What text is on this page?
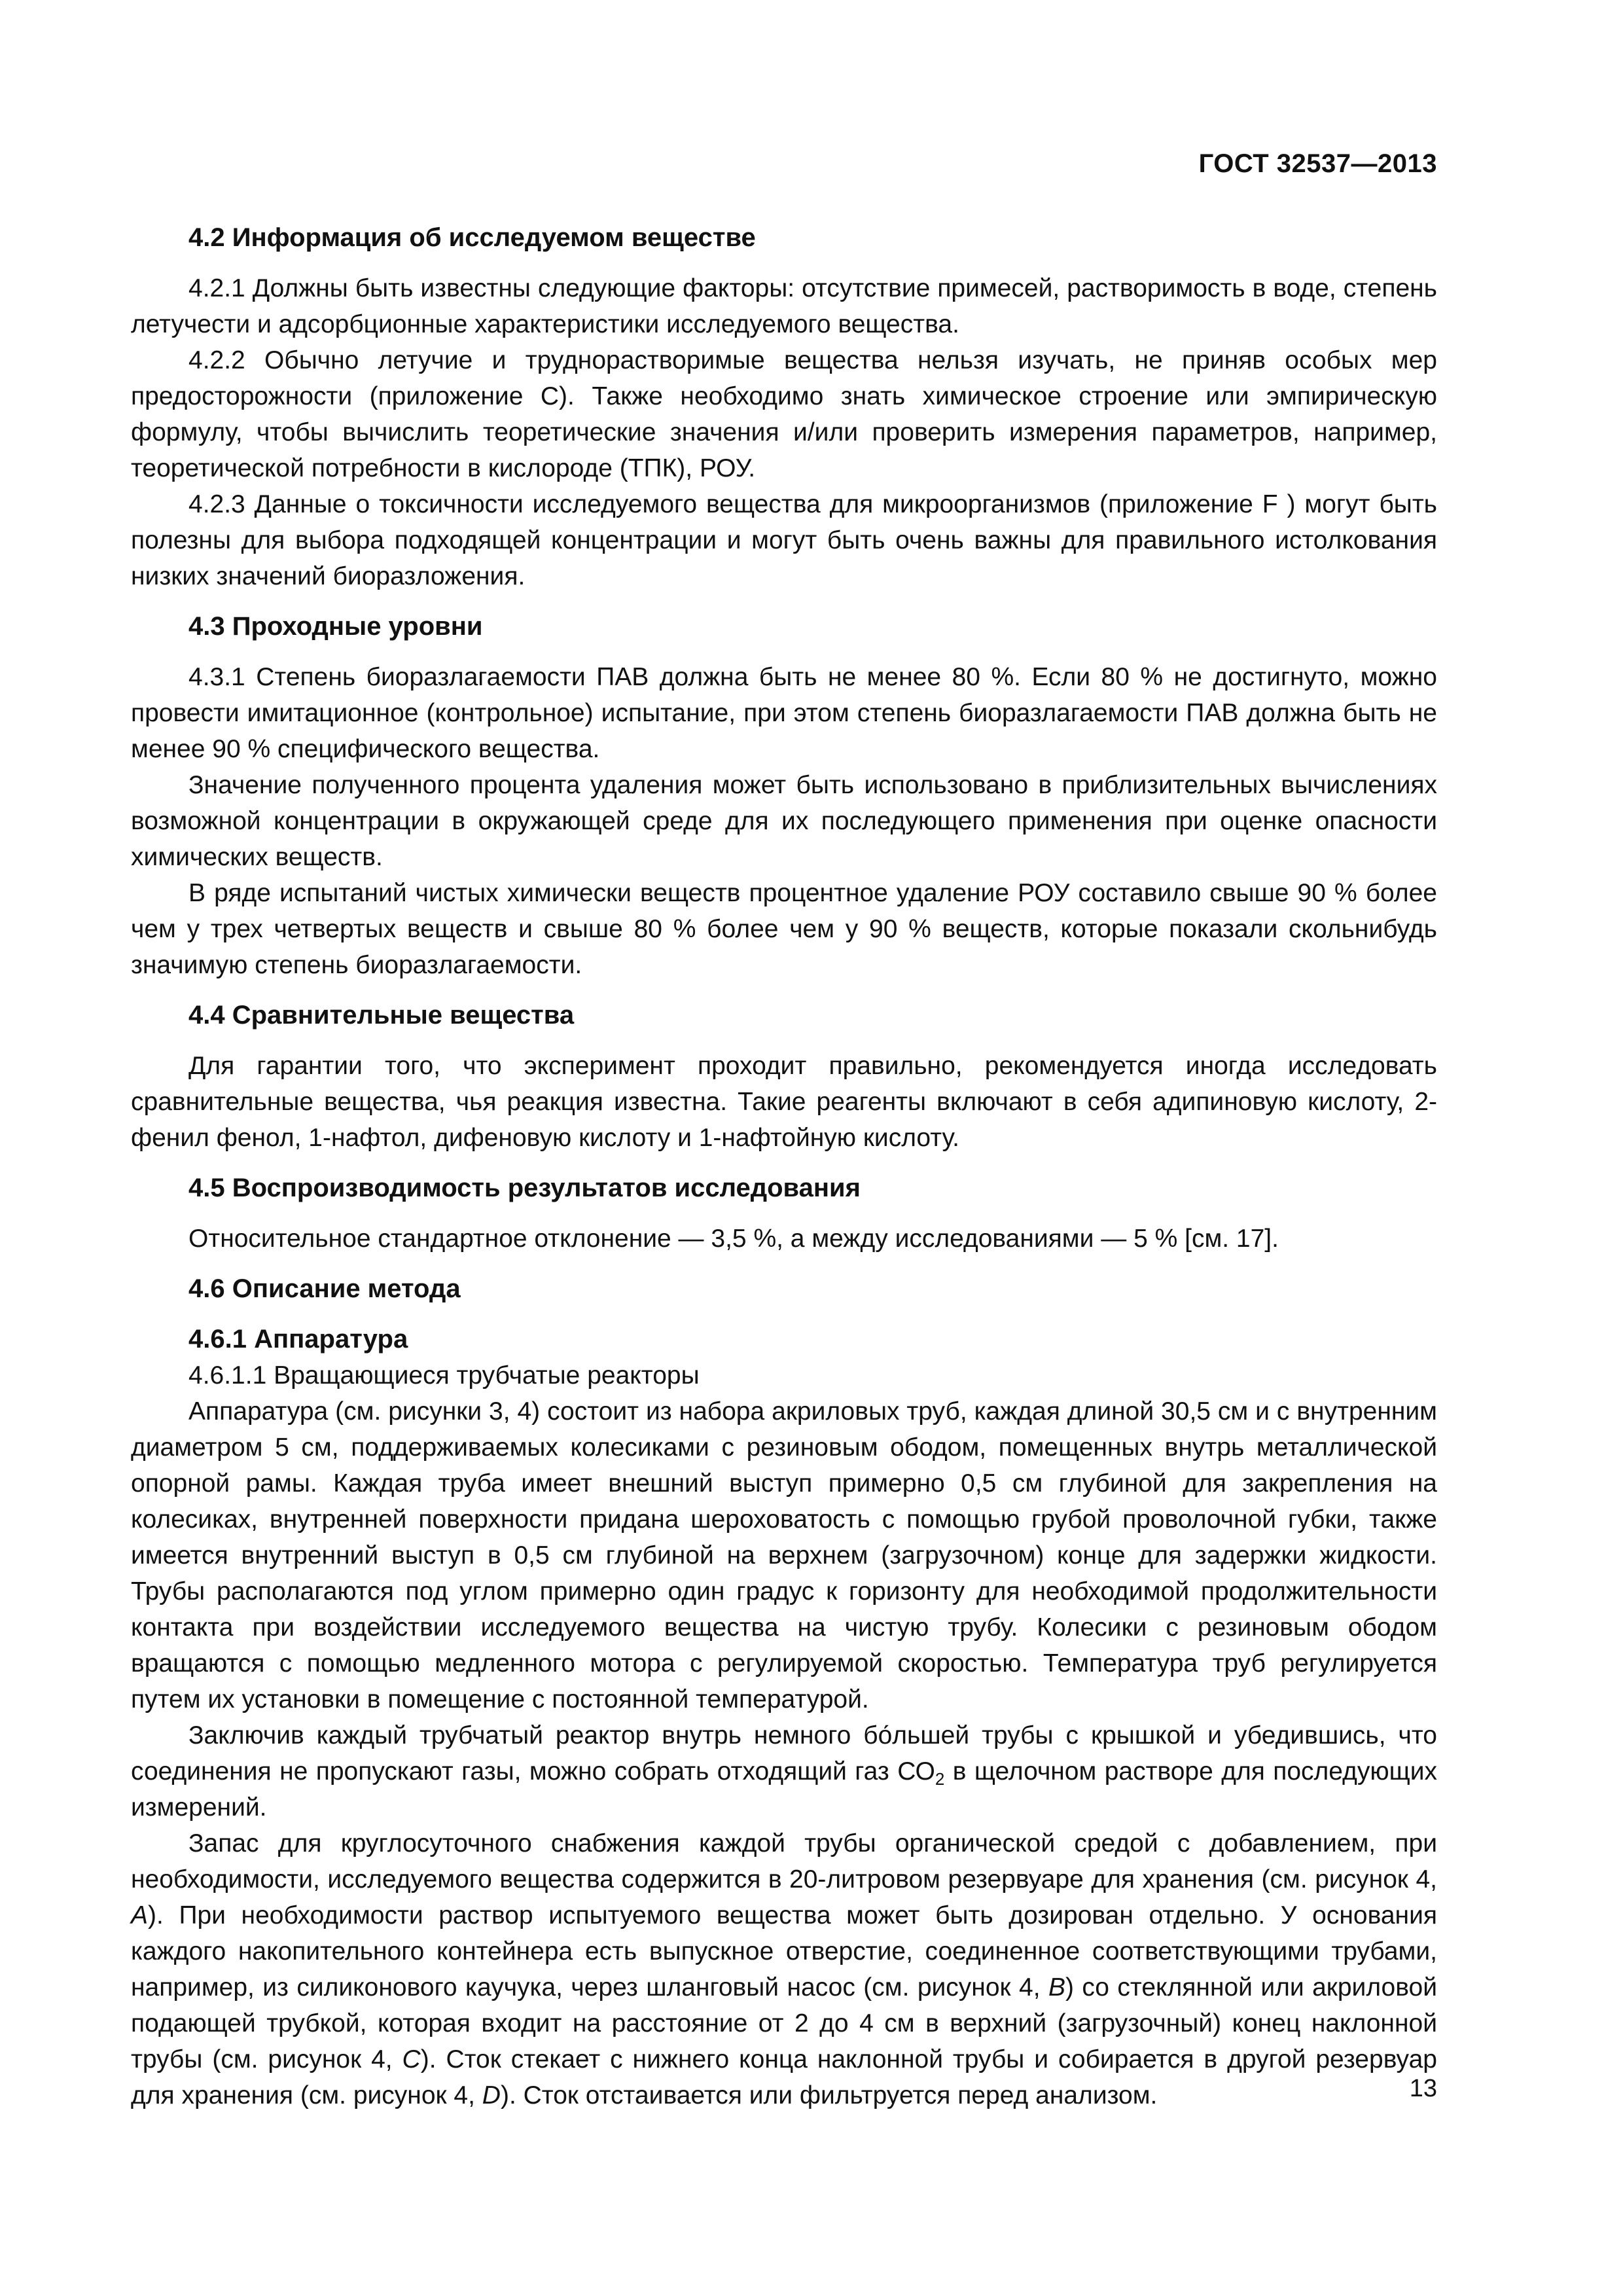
ГОСТ 32537—2013
4.2 Информация об исследуемом веществе

4.2.1 Должны быть известны следующие факторы: отсутствие примесей, растворимость в воде, степень летучести и адсорбционные характеристики исследуемого вещества.

4.2.2 Обычно летучие и труднорастворимые вещества нельзя изучать, не приняв особых мер предосторожности (приложение С). Также необходимо знать химическое строение или эмпирическую формулу, чтобы вычислить теоретические значения и/или проверить измерения параметров, например, теоретической потребности в кислороде (ТПК), РОУ.

4.2.3 Данные о токсичности исследуемого вещества для микроорганизмов (приложение F ) могут быть полезны для выбора подходящей концентрации и могут быть очень важны для правильного истолкования низких значений биоразложения.

4.3 Проходные уровни

4.3.1 Степень биоразлагаемости ПАВ должна быть не менее 80 %. Если 80 % не достигнуто, можно провести имитационное (контрольное) испытание, при этом степень биоразлагаемости ПАВ должна быть не менее 90 % специфического вещества.

Значение полученного процента удаления может быть использовано в приблизительных вычислениях возможной концентрации в окружающей среде для их последующего применения при оценке опасности химических веществ.

В ряде испытаний чистых химически веществ процентное удаление РОУ составило свыше 90 % более чем у трех четвертых веществ и свыше 80 % более чем у 90 % веществ, которые показали скольнибудь значимую степень биоразлагаемости.

4.4 Сравнительные вещества

Для гарантии того, что эксперимент проходит правильно, рекомендуется иногда исследовать сравнительные вещества, чья реакция известна. Такие реагенты включают в себя адипиновую кислоту, 2-фенил фенол, 1-нафтол, дифеновую кислоту и 1-нафтойную кислоту.

4.5 Воспроизводимость результатов исследования

Относительное стандартное отклонение — 3,5 %, а между исследованиями — 5 % [см. 17].

4.6 Описание метода
4.6.1 Аппаратура

4.6.1.1 Вращающиеся трубчатые реакторы

Аппаратура (см. рисунки 3, 4) состоит из набора акриловых труб, каждая длиной 30,5 см и с внутренним диаметром 5 см, поддерживаемых колесиками с резиновым ободом, помещенных внутрь металлической опорной рамы. Каждая труба имеет внешний выступ примерно 0,5 см глубиной для закрепления на колесиках, внутренней поверхности придана шероховатость с помощью грубой проволочной губки, также имеется внутренний выступ в 0,5 см глубиной на верхнем (загрузочном) конце для задержки жидкости. Трубы располагаются под углом примерно один градус к горизонту для необходимой продолжительности контакта при воздействии исследуемого вещества на чистую трубу. Колесики с резиновым ободом вращаются с помощью медленного мотора с регулируемой скоростью. Температура труб регулируется путем их установки в помещение с постоянной температурой.

Заключив каждый трубчатый реактор внутрь немного бо́льшей трубы с крышкой и убедившись, что соединения не пропускают газы, можно собрать отходящий газ $СО_2$ в щелочном растворе для последующих измерений.

Запас для круглосуточного снабжения каждой трубы органической средой с добавлением, при необходимости, исследуемого вещества содержится в 20-литровом резервуаре для хранения (см. рисунок 4, А). При необходимости раствор испытуемого вещества может быть дозирован отдельно. У основания каждого накопительного контейнера есть выпускное отверстие, соединенное соответствующими трубами, например, из силиконового каучука, через шланговый насос (см. рисунок 4, В) со стеклянной или акриловой подающей трубкой, которая входит на расстояние от 2 до 4 см в верхний (загрузочный) конец наклонной трубы (см. рисунок 4, С). Сток стекает с нижнего конца наклонной трубы и собирается в другой резервуар для хранения (см. рисунок 4, D). Сток отстаивается или фильтруется перед анализом.	13
